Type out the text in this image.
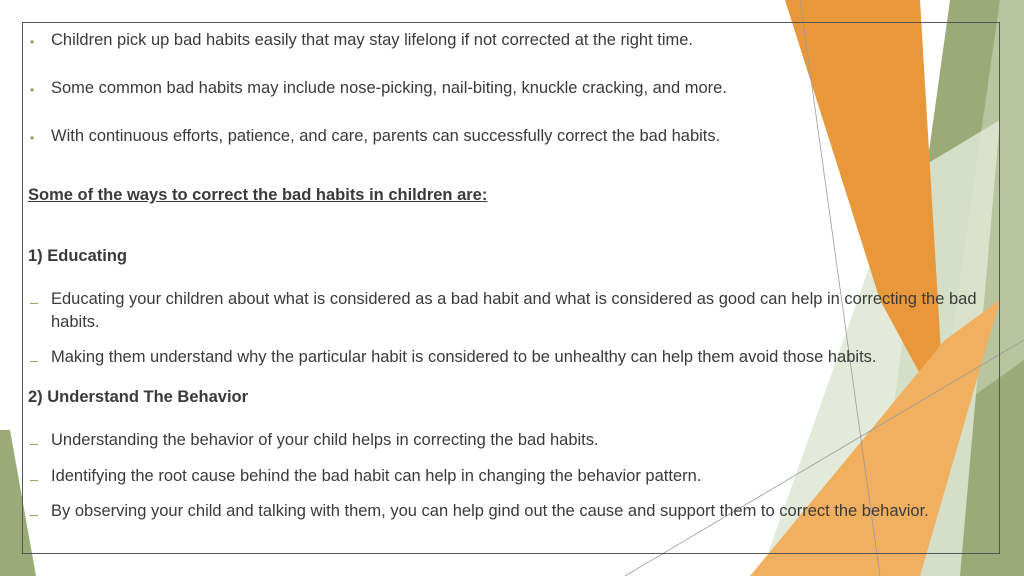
• Children pick up bad habits easily that may stay lifelong if not corrected at the right time.
• Some common bad habits may include nose-picking, nail-biting, knuckle cracking, and more.
• With continuous efforts, patience, and care, parents can successfully correct the bad habits.
Some of the ways to correct the bad habits in children are:
1) Educating
_ Educating your children about what is considered as a bad habit and what is considered as good can help in correcting the bad habits.
_ Making them understand why the particular habit is considered to be unhealthy can help them avoid those habits.
2) Understand The Behavior
_ Understanding the behavior of your child helps in correcting the bad habits.
_ Identifying the root cause behind the bad habit can help in changing the behavior pattern.
_ By observing your child and talking with them, you can help gind out the cause and support them to correct the behavior.
